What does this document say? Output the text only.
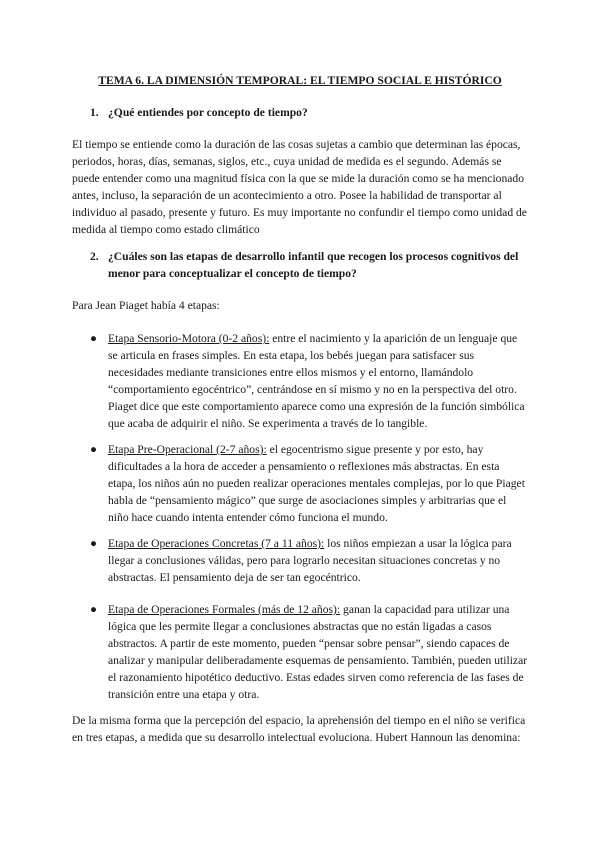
TEMA 6. LA DIMENSIÓN TEMPORAL: EL TIEMPO SOCIAL E HISTÓRICO
1. ¿Qué entiendes por concepto de tiempo?

El tiempo se entiende como la duración de las cosas sujetas a cambio que determinan las épocas, periodos, horas, días, semanas, siglos, etc., cuya unidad de medida es el segundo. Además se puede entender como una magnitud física con la que se mide la duración como se ha mencionado antes, incluso, la separación de un acontecimiento a otro. Posee la habilidad de transportar al individuo al pasado, presente y futuro. Es muy importante no confundir el tiempo como unidad de medida al tiempo como estado climático

2. ¿Cuáles son las etapas de desarrollo infantil que recogen los procesos cognitivos del menor para conceptualizar el concepto de tiempo?

Para Jean Piaget había 4 etapas:

● Etapa Sensorio-Motora (0-2 años): entre el nacimiento y la aparición de un lenguaje que se articula en frases simples. En esta etapa, los bebés juegan para satisfacer sus necesidades mediante transiciones entre ellos mismos y el entorno, llamándolo “comportamiento egocéntrico”, centrándose en sí mismo y no en la perspectiva del otro. Piaget dice que este comportamiento aparece como una expresión de la función simbólica que acaba de adquirir el niño. Se experimenta a través de lo tangible.
● Etapa Pre-Operacional (2-7 años): el egocentrismo sigue presente y por esto, hay dificultades a la hora de acceder a pensamiento o reflexiones más abstractas. En esta etapa, los niños aún no pueden realizar operaciones mentales complejas, por lo que Piaget habla de “pensamiento mágico” que surge de asociaciones simples y arbitrarias que el niño hace cuando intenta entender cómo funciona el mundo.
● Etapa de Operaciones Concretas (7 a 11 años): los niños empiezan a usar la lógica para llegar a conclusiones válidas, pero para lograrlo necesitan situaciones concretas y no abstractas. El pensamiento deja de ser tan egocéntrico.
● Etapa de Operaciones Formales (más de 12 años): ganan la capacidad para utilizar una lógica que les permite llegar a conclusiones abstractas que no están ligadas a casos abstractos. A partir de este momento, pueden “pensar sobre pensar”, siendo capaces de analizar y manipular deliberadamente esquemas de pensamiento. También, pueden utilizar el razonamiento hipotético deductivo. Estas edades sirven como referencia de las fases de transición entre una etapa y otra.

De la misma forma que la percepción del espacio, la aprehensión del tiempo en el niño se verifica en tres etapas, a medida que su desarrollo intelectual evoluciona. Hubert Hannoun las denomina:
